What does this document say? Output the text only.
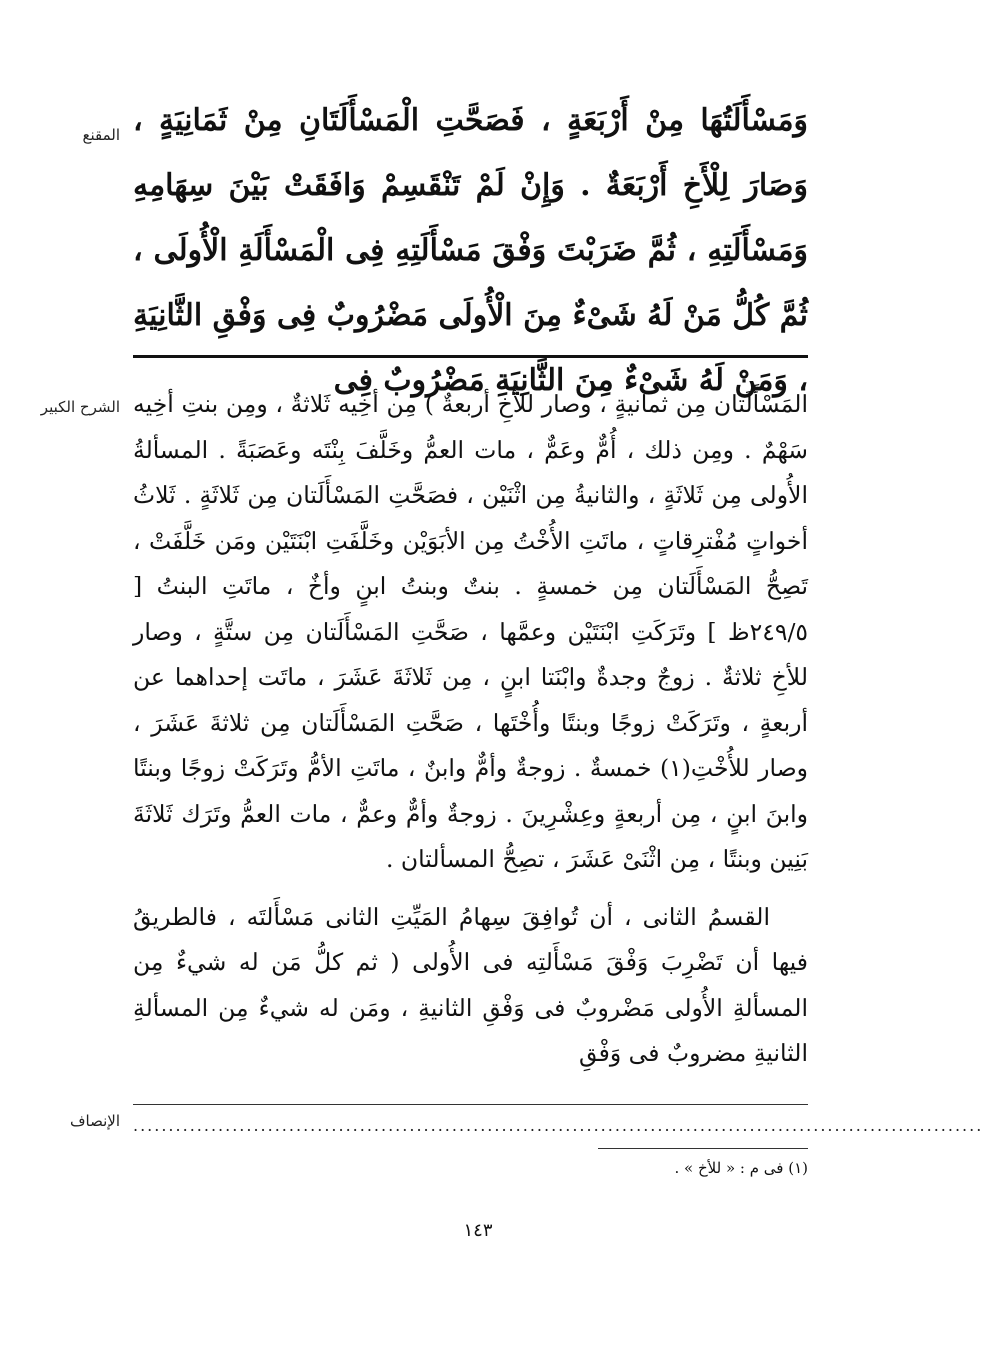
المقنع وَمَسْأَلَتُهَا مِنْ أَرْبَعَةٍ ، فَصَحَّتِ الْمَسْأَلَتَانِ مِنْ ثَمَانِيَةٍ ، وَصَارَ لِلْأَخِ أَرْبَعَةٌ . وَإِنْ لَمْ تَنْقَسِمْ وَافَقَتْ بَيْنَ سِهَامِهِ وَمَسْأَلَتِهِ ، ثُمَّ ضَرَبْتَ وَفْقَ مَسْأَلَتِهِ فِى الْمَسْأَلَةِ الْأُولَى ، ثُمَّ كُلُّ مَنْ لَهُ شَىْءٌ مِنَ الْأُولَى مَضْرُوبٌ فِى وَفْقِ الثَّانِيَةِ ، وَمَنْ لَهُ شَىْءٌ مِنَ الثَّانِيَةِ مَضْرُوبٌ فِى

الشرح الكبير المَسْأَلَتان مِن ثمانيةٍ ، وصار للأخِ أربعةٌ ) مِن أخِيه ثَلاثةٌ ، ومِن بنتِ أخِيه سَهْمٌ . ومِن ذلك ، أُمٌّ وعَمٌّ ، مات العمُّ وخَلَّفَ بِنْتَه وعَصَبَةً . المسألةُ الأُولى مِن ثَلاثَةٍ ، والثانيةُ مِن اثْنَيْن ، فصَحَّتِ المَسْأَلَتان مِن ثَلاثَةٍ . ثَلاثُ أخواتٍ مُفْترِقاتٍ ، ماتَتِ الأُخْتُ مِن الأبَوَيْن وخَلَّفَتِ ابْنَتَيْن ومَن خَلَّفَتْ ، تَصِحُّ المَسْأَلَتان مِن خمسةٍ . بنتٌ وبنتُ ابنٍ وأخٌ ، ماتَتِ البنتُ [ ٢٤٩/٥ظ ] وتَرَكَتِ ابْنَتَيْن وعمَّها ، صَحَّتِ المَسْأَلَتان مِن ستَّةٍ ، وصار للأخِ ثلاثةٌ . زوجٌ وجدةٌ وابْنَتا ابنٍ ، مِن ثَلاثَةَ عَشَرَ ، ماتَت إحداهما عن أربعةٍ ، وتَرَكَتْ زوجًا وبنتًا وأُخْتَها ، صَحَّتِ المَسْأَلَتان مِن ثلاثةَ عَشَرَ ، وصار للأُخْتِ(١) خمسةٌ . زوجةٌ وأمٌّ وابنٌ ، ماتَتِ الأمُّ وتَرَكَتْ زوجًا وبنتًا وابنَ ابنٍ ، مِن أربعةٍ وعِشْرِينَ . زوجةٌ وأمٌّ وعمٌّ ، مات العمُّ وتَرَك ثَلاثَةَ بَنِين وبنتًا ، مِن اثْنَىْ عَشَرَ ، تصِحُّ المسألتان .

القسمُ الثانى ، أن تُوافِقَ سِهامُ المَيِّتِ الثانى مَسْأَلتَه ، فالطريقُ فيها أن تَضْرِبَ وَفْقَ مَسْأَلتِه فى الأُولى ( ثم كلُّ مَن له شيءٌ مِن المسألةِ الأُولى مَضْروبٌ فى وَفْقِ الثانيةِ ، ومَن له شيءٌ مِن المسألةِ الثانيةِ مضروبٌ فى وَفْقِ

الإنصاف ........................................................................................................................
(١) فى م : « للأخ » .
١٤٣
